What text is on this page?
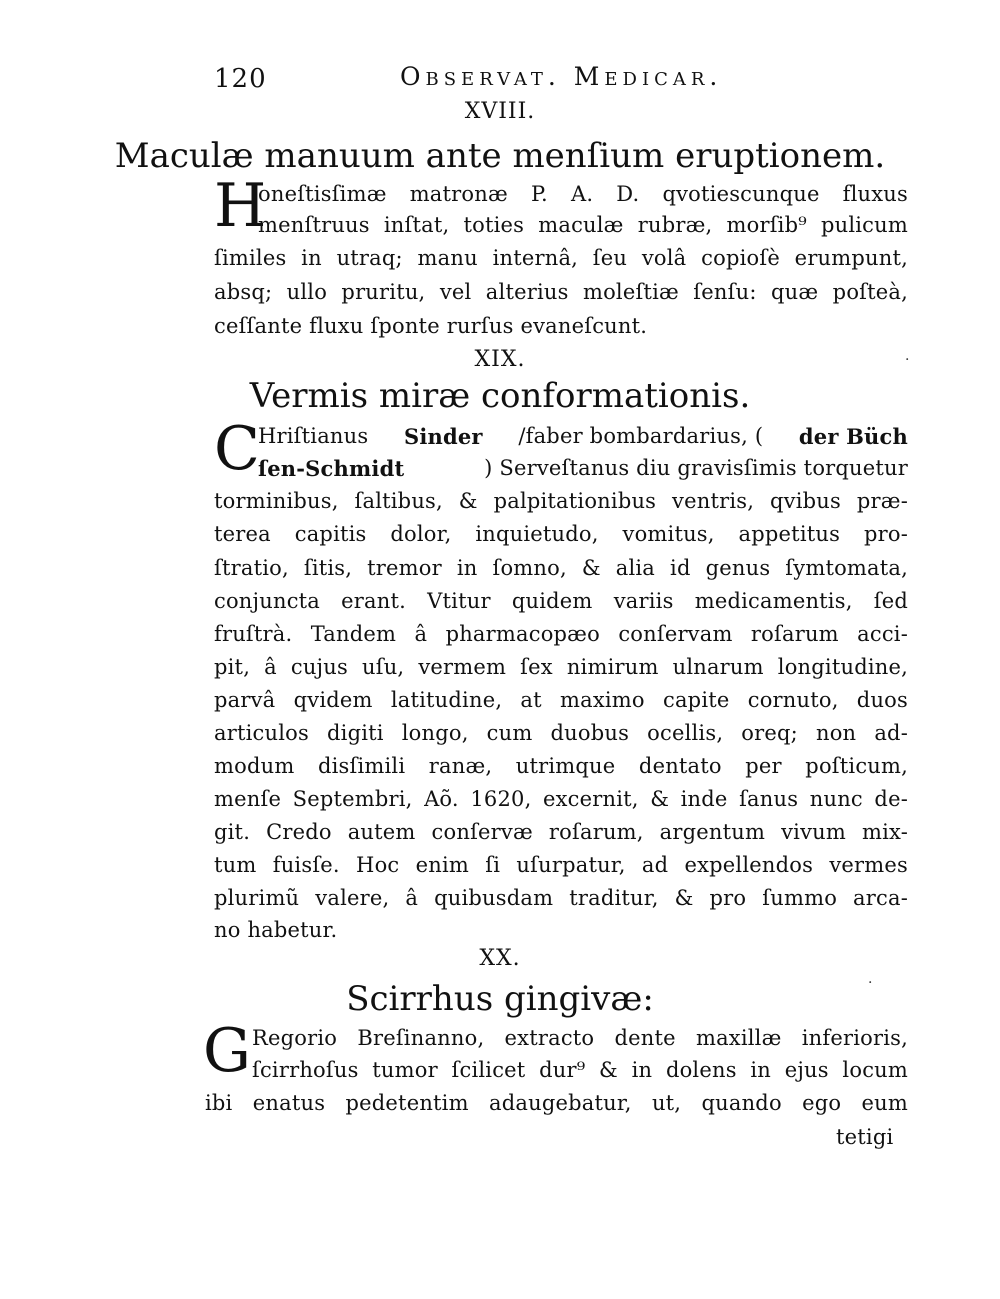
120	Observat. Medicar.
XVIII.
Maculæ manuum ante menſium eruptionem.
H
oneſtisſimæ matronæ P. A. D. qvotiescunque fluxus
menſtruus inſtat, toties maculæ rubræ, morſib⁹ pulicum
ſimiles in utraq; manu internâ, ſeu volâ copioſè erumpunt,
absq; ullo pruritu, vel alterius moleſtiæ ſenſu: quæ poſteà,
ceſſante fluxu ſponte rurſus evaneſcunt.
XIX.
Vermis miræ conformationis.
C
Hriſtianus Sinder /faber bombardarius, ( der Büch
ſen-Schmidt	) Serveſtanus diu gravisſimis torquetur
torminibus, ſaltibus, & palpitationibus ventris, qvibus præ-
terea capitis dolor, inquietudo, vomitus, appetitus pro-
ſtratio, ſitis, tremor in ſomno, & alia id genus ſymtomata,
conjuncta erant. Vtitur quidem variis medicamentis, ſed
fruſtrà. Tandem â pharmacopæo conſervam roſarum acci-
pit, â cujus uſu, vermem ſex nimirum ulnarum longitudine,
parvâ qvidem latitudine, at maximo capite cornuto, duos
articulos digiti longo, cum duobus ocellis, oreq; non ad-
modum disſimili ranæ, utrimque dentato per poſticum,
menſe Septembri, Aõ. 1620, excernit, & inde ſanus nunc de-
git. Credo autem conſervæ roſarum, argentum vivum mix-
tum fuisſe. Hoc enim ſi uſurpatur, ad expellendos vermes
plurimũ valere, â quibusdam traditur, & pro ſummo arca-
no habetur.
XX.
Scirrhus gingivæ:
G Regorio Breſinanno, extracto dente maxillæ inferioris,
ſcirrhoſus tumor ſcilicet dur⁹ & in dolens in ejus locum
ibi enatus pedetentim adaugebatur, ut, quando ego eum
tetigi
·
·
